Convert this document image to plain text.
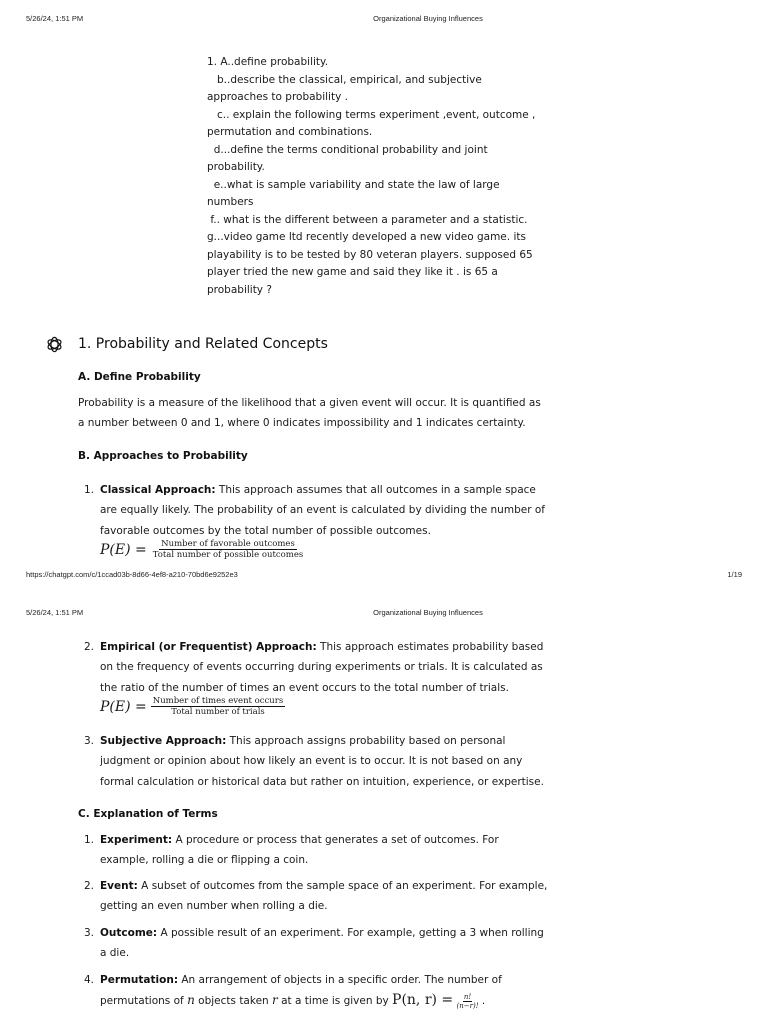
5/26/24, 1:51 PM	Organizational Buying Influences
1. A..define probability.
b..describe the classical, empirical, and subjective
approaches to probability .
c.. explain the following terms experiment ,event, outcome ,
permutation and combinations.
d...define the terms conditional probability and joint
probability.
e..what is sample variability and state the law of large
numbers
f.. what is the different between a parameter and a statistic.
g...video game ltd recently developed a new video game. its
playability is to be tested by 80 veteran players. supposed 65
player tried the new game and said they like it . is 65 a
probability ?
1. Probability and Related Concepts
A. Define Probability
Probability is a measure of the likelihood that a given event will occur. It is quantified as a number between 0 and 1, where 0 indicates impossibility and 1 indicates certainty.
B. Approaches to Probability
1. Classical Approach: This approach assumes that all outcomes in a sample space are equally likely. The probability of an event is calculated by dividing the number of favorable outcomes by the total number of possible outcomes.
$P(E) = \frac{\text{Number of favorable outcomes}}{\text{Total number of possible outcomes}}$
https://chatgpt.com/c/1ccad03b-8d66-4ef8-a210-70bd6e9252e3	1/19
5/26/24, 1:51 PM	Organizational Buying Influences
2. Empirical (or Frequentist) Approach: This approach estimates probability based on the frequency of events occurring during experiments or trials. It is calculated as the ratio of the number of times an event occurs to the total number of trials.
$P(E) = \frac{\text{Number of times event occurs}}{\text{Total number of trials}}$
3. Subjective Approach: This approach assigns probability based on personal judgment or opinion about how likely an event is to occur. It is not based on any formal calculation or historical data but rather on intuition, experience, or expertise.
C. Explanation of Terms
1. Experiment: A procedure or process that generates a set of outcomes. For example, rolling a die or flipping a coin.
2. Event: A subset of outcomes from the sample space of an experiment. For example, getting an even number when rolling a die.
3. Outcome: A possible result of an experiment. For example, getting a 3 when rolling a die.
4. Permutation: An arrangement of objects in a specific order. The number of permutations of n objects taken r at a time is given by P(n, $r) = \frac{n!}{(n-r)!}$ .
